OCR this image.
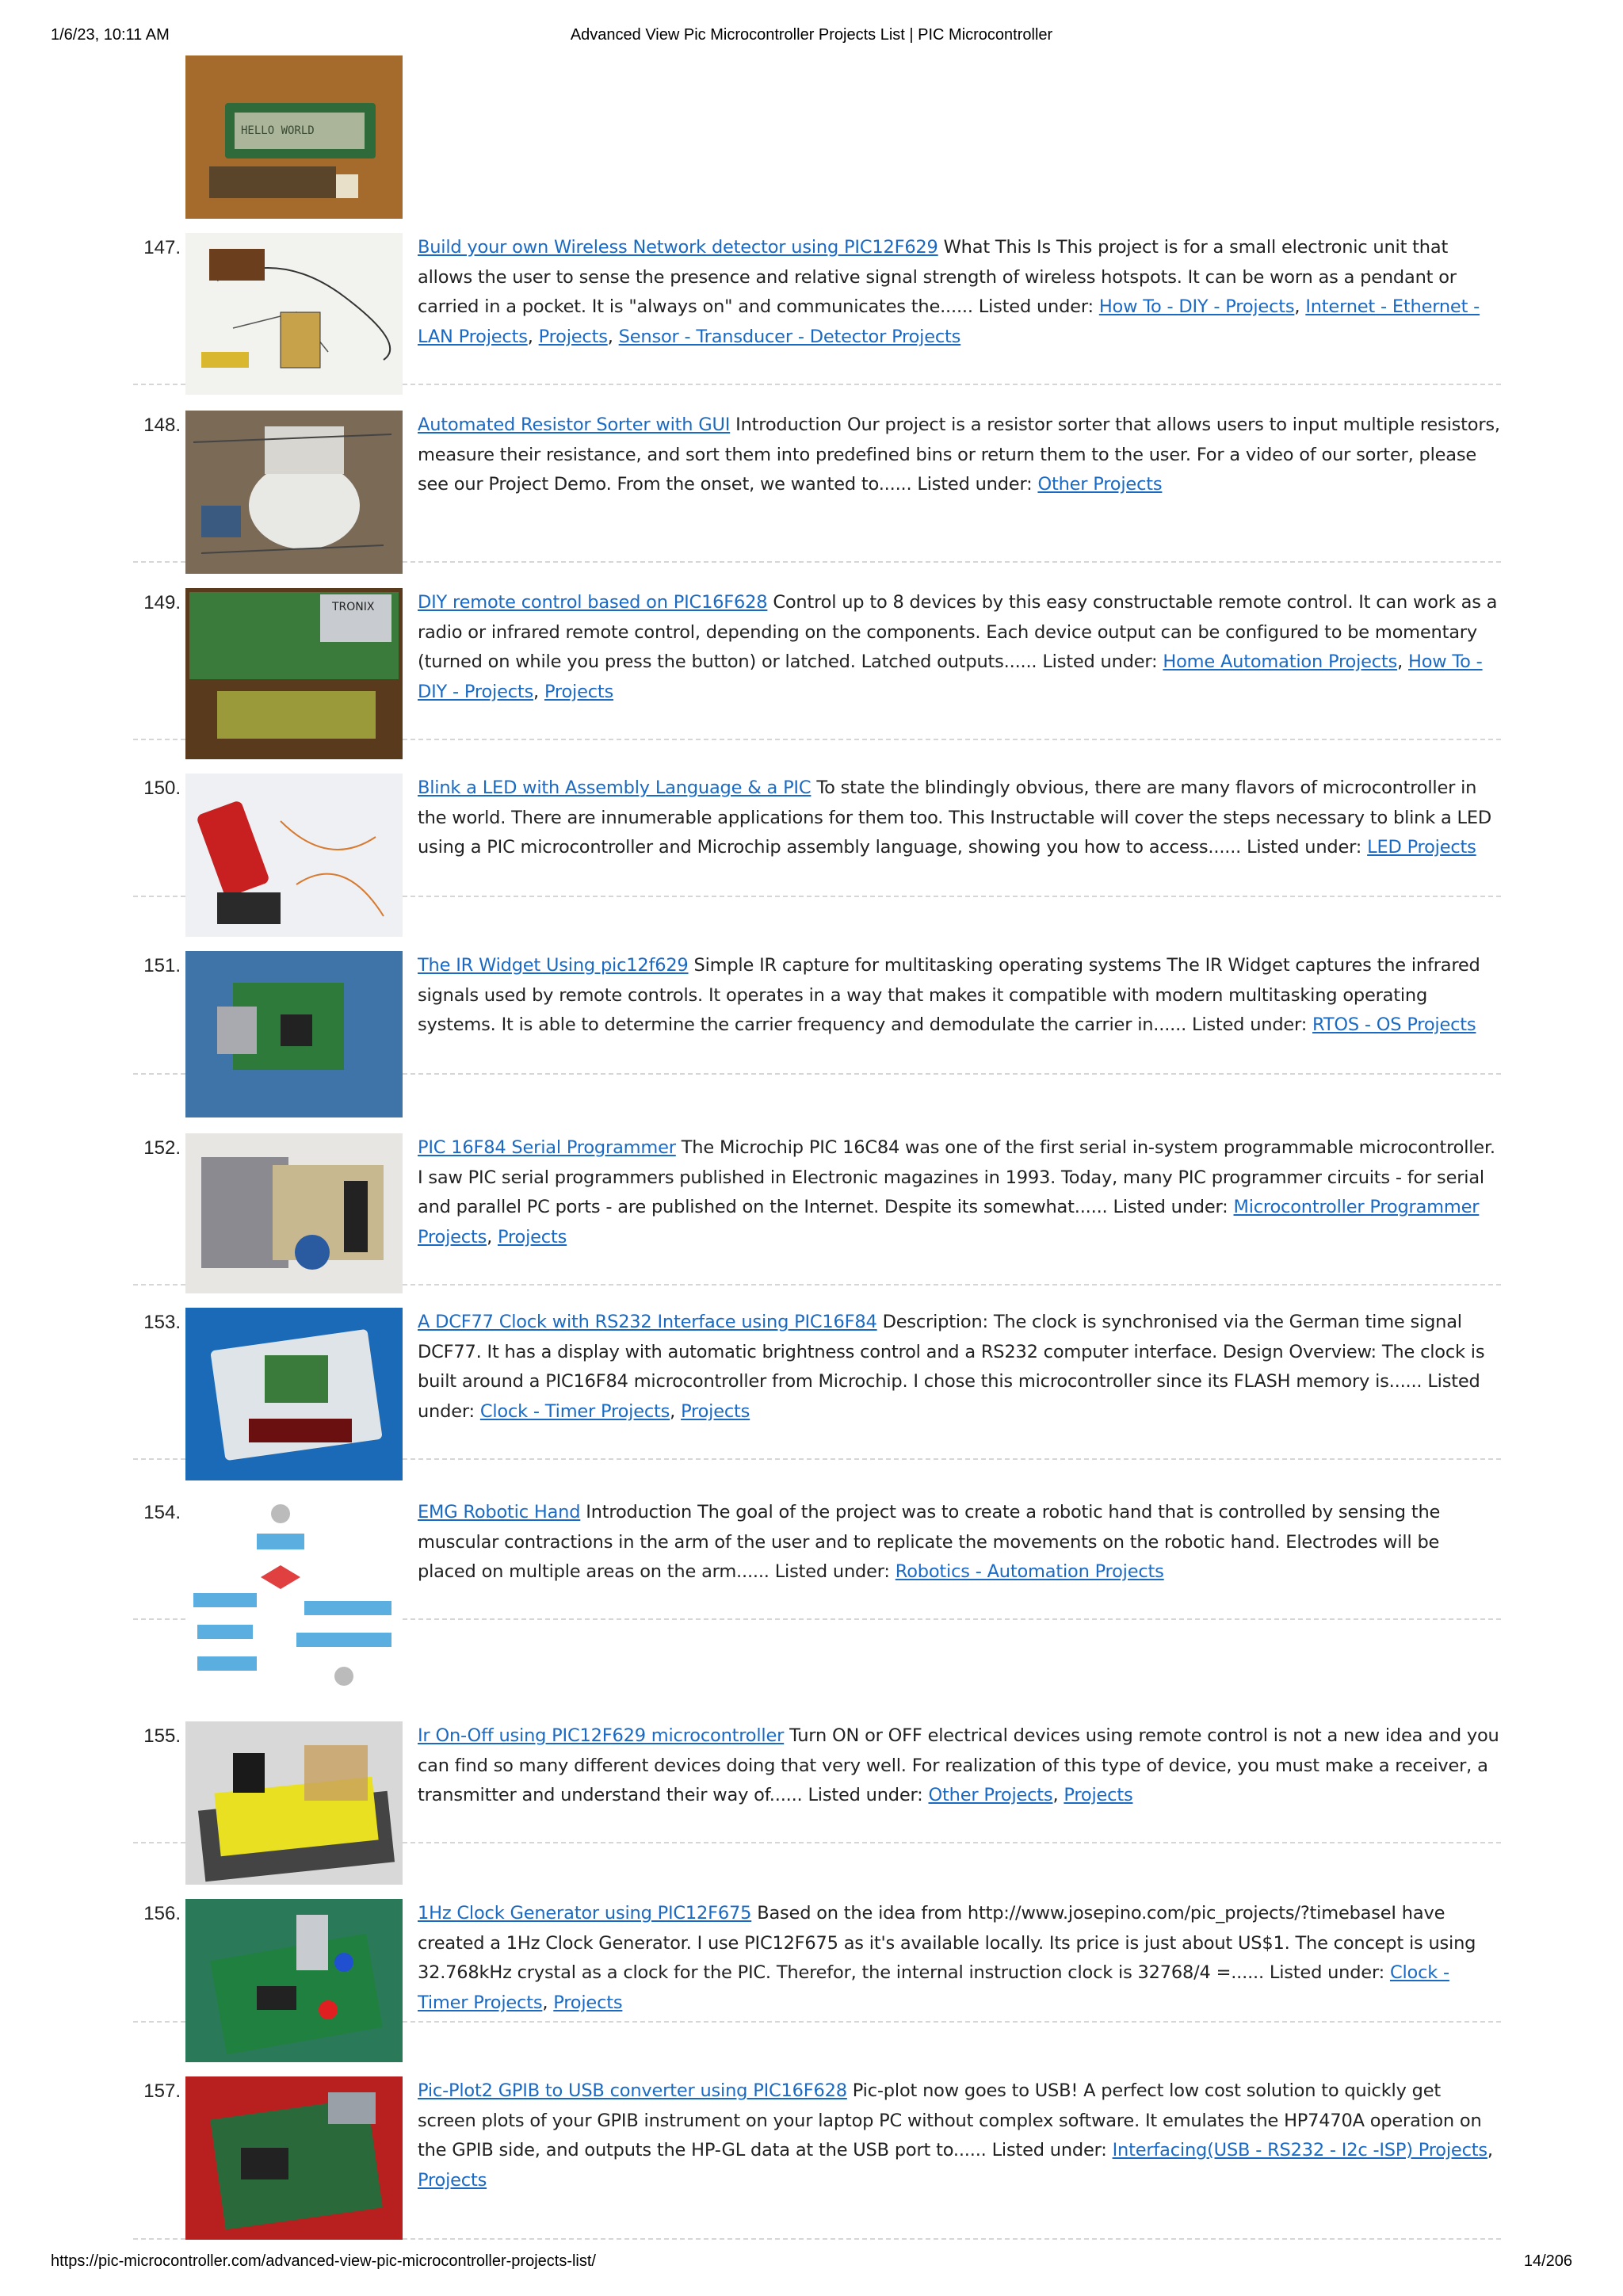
1/6/23, 10:11 AM	Advanced View Pic Microcontroller Projects List | PIC Microcontroller
HELLO WORLD
147.	Build your own Wireless Network detector using PIC12F629 What This Is This project is for a small electronic unit that allows the user to sense the presence and relative signal strength of wireless hotspots. It can be worn as a pendant or carried in a pocket. It is "always on" and communicates the...... Listed under: How To - DIY - Projects, Internet - Ethernet - LAN Projects, Projects, Sensor - Transducer - Detector Projects
148.	Automated Resistor Sorter with GUI Introduction Our project is a resistor sorter that allows users to input multiple resistors, measure their resistance, and sort them into predefined bins or return them to the user. For a video of our sorter, please see our Project Demo. From the onset, we wanted to...... Listed under: Other Projects
149.	TRONIX DIY remote control based on PIC16F628 Control up to 8 devices by this easy constructable remote control. It can work as a radio or infrared remote control, depending on the components. Each device output can be configured to be momentary (turned on while you press the button) or latched. Latched outputs...... Listed under: Home Automation Projects, How To - DIY - Projects, Projects
150.	Blink a LED with Assembly Language & a PIC To state the blindingly obvious, there are many flavors of microcontroller in the world. There are innumerable applications for them too. This Instructable will cover the steps necessary to blink a LED using a PIC microcontroller and Microchip assembly language, showing you how to access...... Listed under: LED Projects
151.	The IR Widget Using pic12f629 Simple IR capture for multitasking operating systems The IR Widget captures the infrared signals used by remote controls. It operates in a way that makes it compatible with modern multitasking operating systems. It is able to determine the carrier frequency and demodulate the carrier in...... Listed under: RTOS - OS Projects
152.	PIC 16F84 Serial Programmer The Microchip PIC 16C84 was one of the first serial in-system programmable microcontroller. I saw PIC serial programmers published in Electronic magazines in 1993. Today, many PIC programmer circuits - for serial and parallel PC ports - are published on the Internet. Despite its somewhat...... Listed under: Microcontroller Programmer Projects, Projects
153.	A DCF77 Clock with RS232 Interface using PIC16F84 Description: The clock is synchronised via the German time signal DCF77. It has a display with automatic brightness control and a RS232 computer interface. Design Overview: The clock is built around a PIC16F84 microcontroller from Microchip. I chose this microcontroller since its FLASH memory is...... Listed under: Clock - Timer Projects, Projects
154.	EMG Robotic Hand Introduction The goal of the project was to create a robotic hand that is controlled by sensing the muscular contractions in the arm of the user and to replicate the movements on the robotic hand. Electrodes will be placed on multiple areas on the arm...... Listed under: Robotics - Automation Projects
155.	Ir On-Off using PIC12F629 microcontroller Turn ON or OFF electrical devices using remote control is not a new idea and you can find so many different devices doing that very well. For realization of this type of device, you must make a receiver, a transmitter and understand their way of...... Listed under: Other Projects, Projects
156.	1Hz Clock Generator using PIC12F675 Based on the idea from http://www.josepino.com/pic_projects/?timebaseI have created a 1Hz Clock Generator. I use PIC12F675 as it's available locally. Its price is just about US$1. The concept is using 32.768kHz crystal as a clock for the PIC. Therefor, the internal instruction clock is 32768/4 =...... Listed under: Clock - Timer Projects, Projects
157.	Pic-Plot2 GPIB to USB converter using PIC16F628 Pic-plot now goes to USB! A perfect low cost solution to quickly get screen plots of your GPIB instrument on your laptop PC without complex software. It emulates the HP7470A operation on the GPIB side, and outputs the HP-GL data at the USB port to...... Listed under: Interfacing(USB - RS232 - I2c -ISP) Projects, Projects
https://pic-microcontroller.com/advanced-view-pic-microcontroller-projects-list/	14/206
